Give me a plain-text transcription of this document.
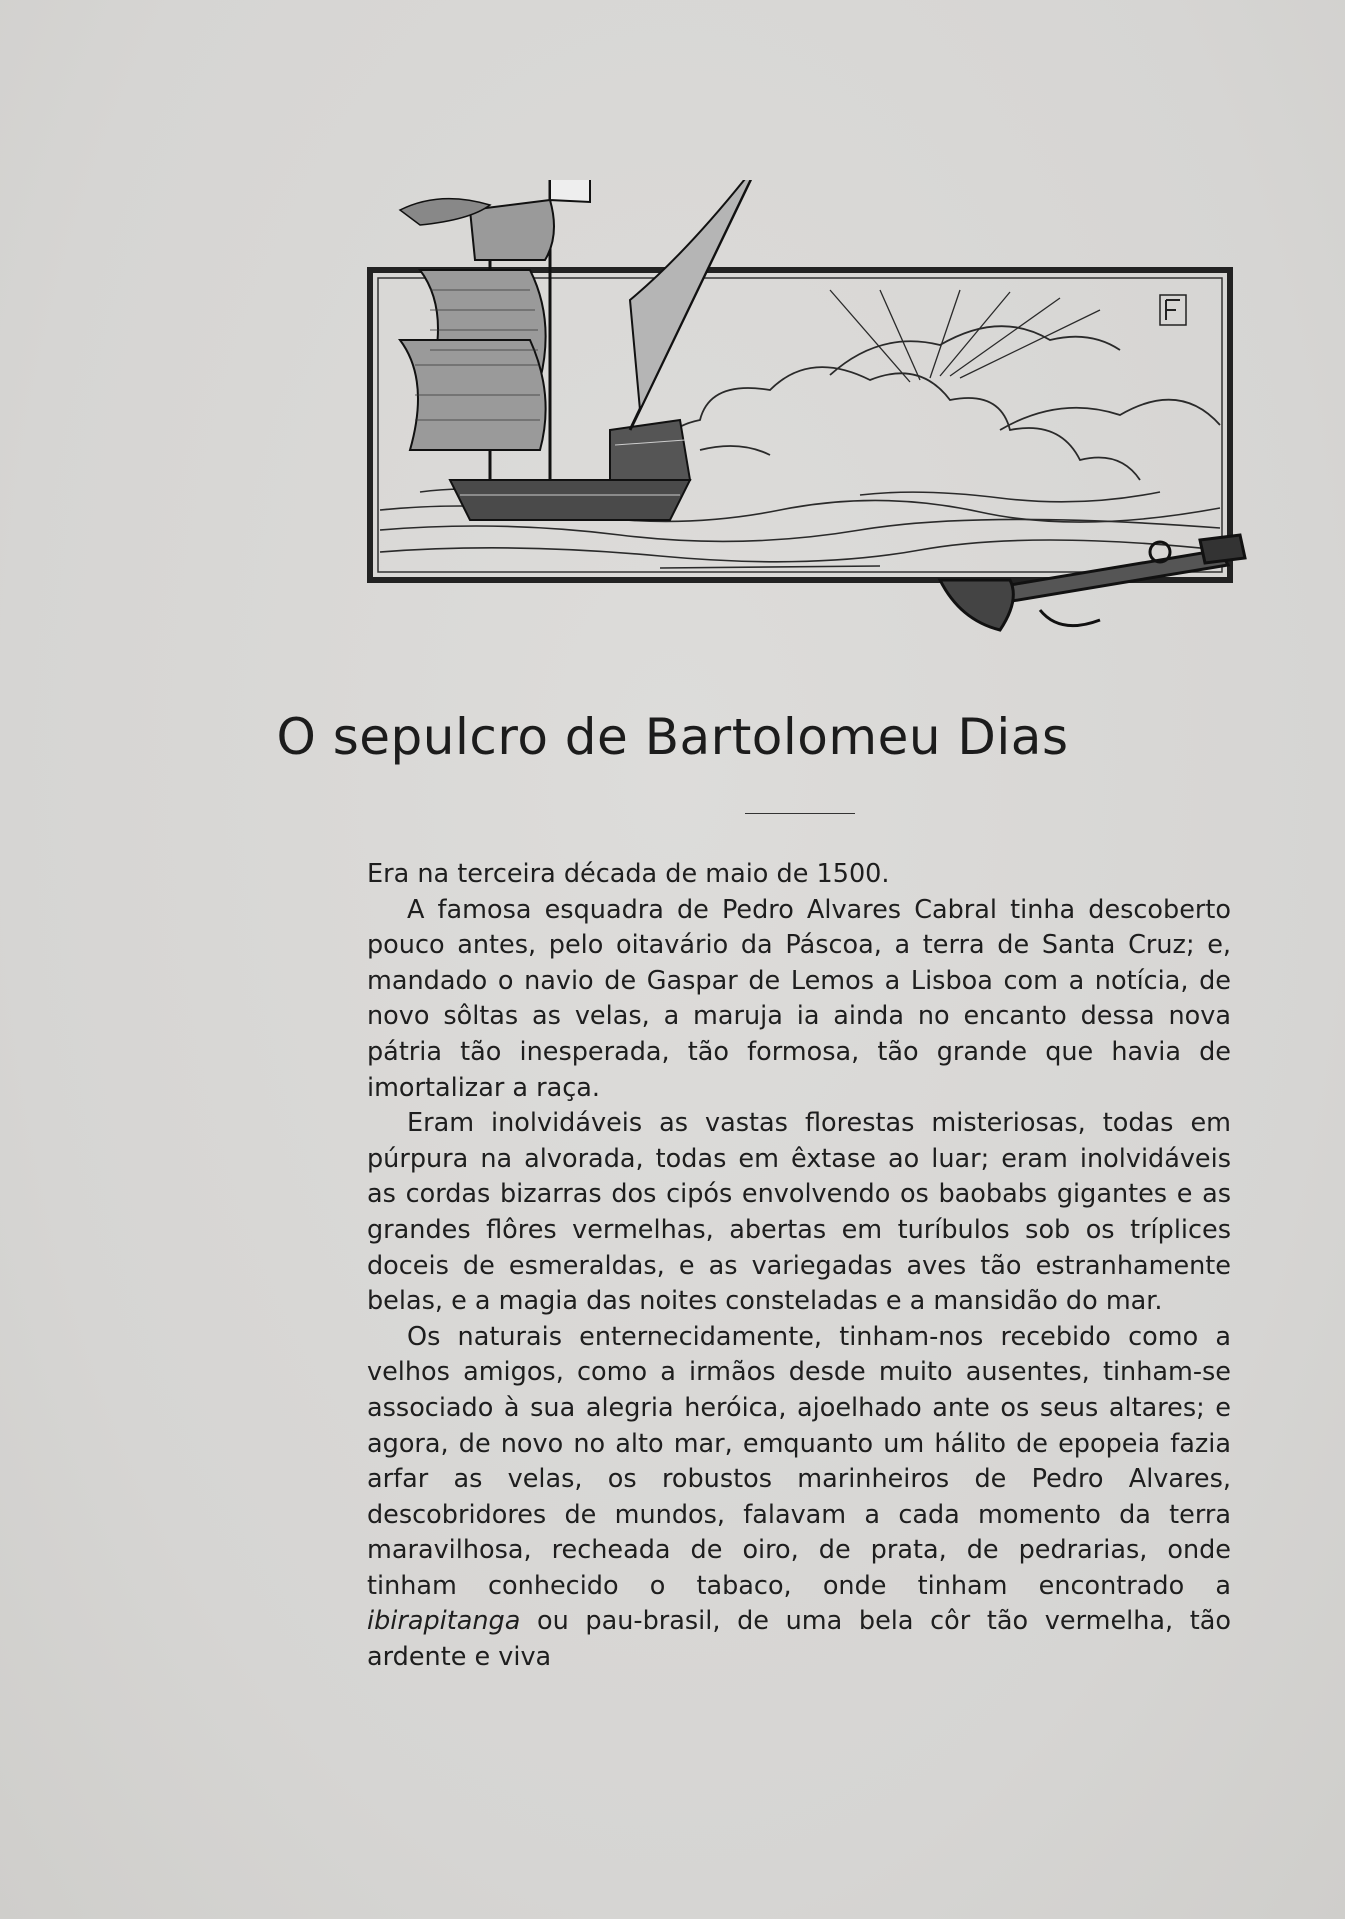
O sepulcro de Bartolomeu Dias

Era na terceira década de maio de 1500.

A famosa esquadra de Pedro Alvares Cabral tinha descoberto pouco antes, pelo oitavário da Páscoa, a terra de Santa Cruz; e, mandado o navio de Gaspar de Lemos a Lisboa com a notícia, de novo sôltas as velas, a maruja ia ainda no encanto dessa nova pátria tão inesperada, tão formosa, tão grande que havia de imortalizar a raça.

Eram inolvidáveis as vastas florestas misteriosas, todas em púrpura na alvorada, todas em êxtase ao luar; eram inolvidáveis as cordas bizarras dos cipós envolvendo os baobabs gigantes e as grandes flôres vermelhas, abertas em turíbulos sob os tríplices doceis de esmeraldas, e as variegadas aves tão estranhamente belas, e a magia das noites consteladas e a mansidão do mar.

Os naturais enternecidamente, tinham-nos recebido como a velhos amigos, como a irmãos desde muito ausentes, tinham-se associado à sua alegria heróica, ajoelhado ante os seus altares; e agora, de novo no alto mar, emquanto um hálito de epopeia fazia arfar as velas, os robustos marinheiros de Pedro Alvares, descobridores de mundos, falavam a cada momento da terra maravilhosa, recheada de oiro, de prata, de pedrarias, onde tinham conhecido o tabaco, onde tinham encontrado a ibirapitanga ou pau-brasil, de uma bela côr tão vermelha, tão ardente e viva
